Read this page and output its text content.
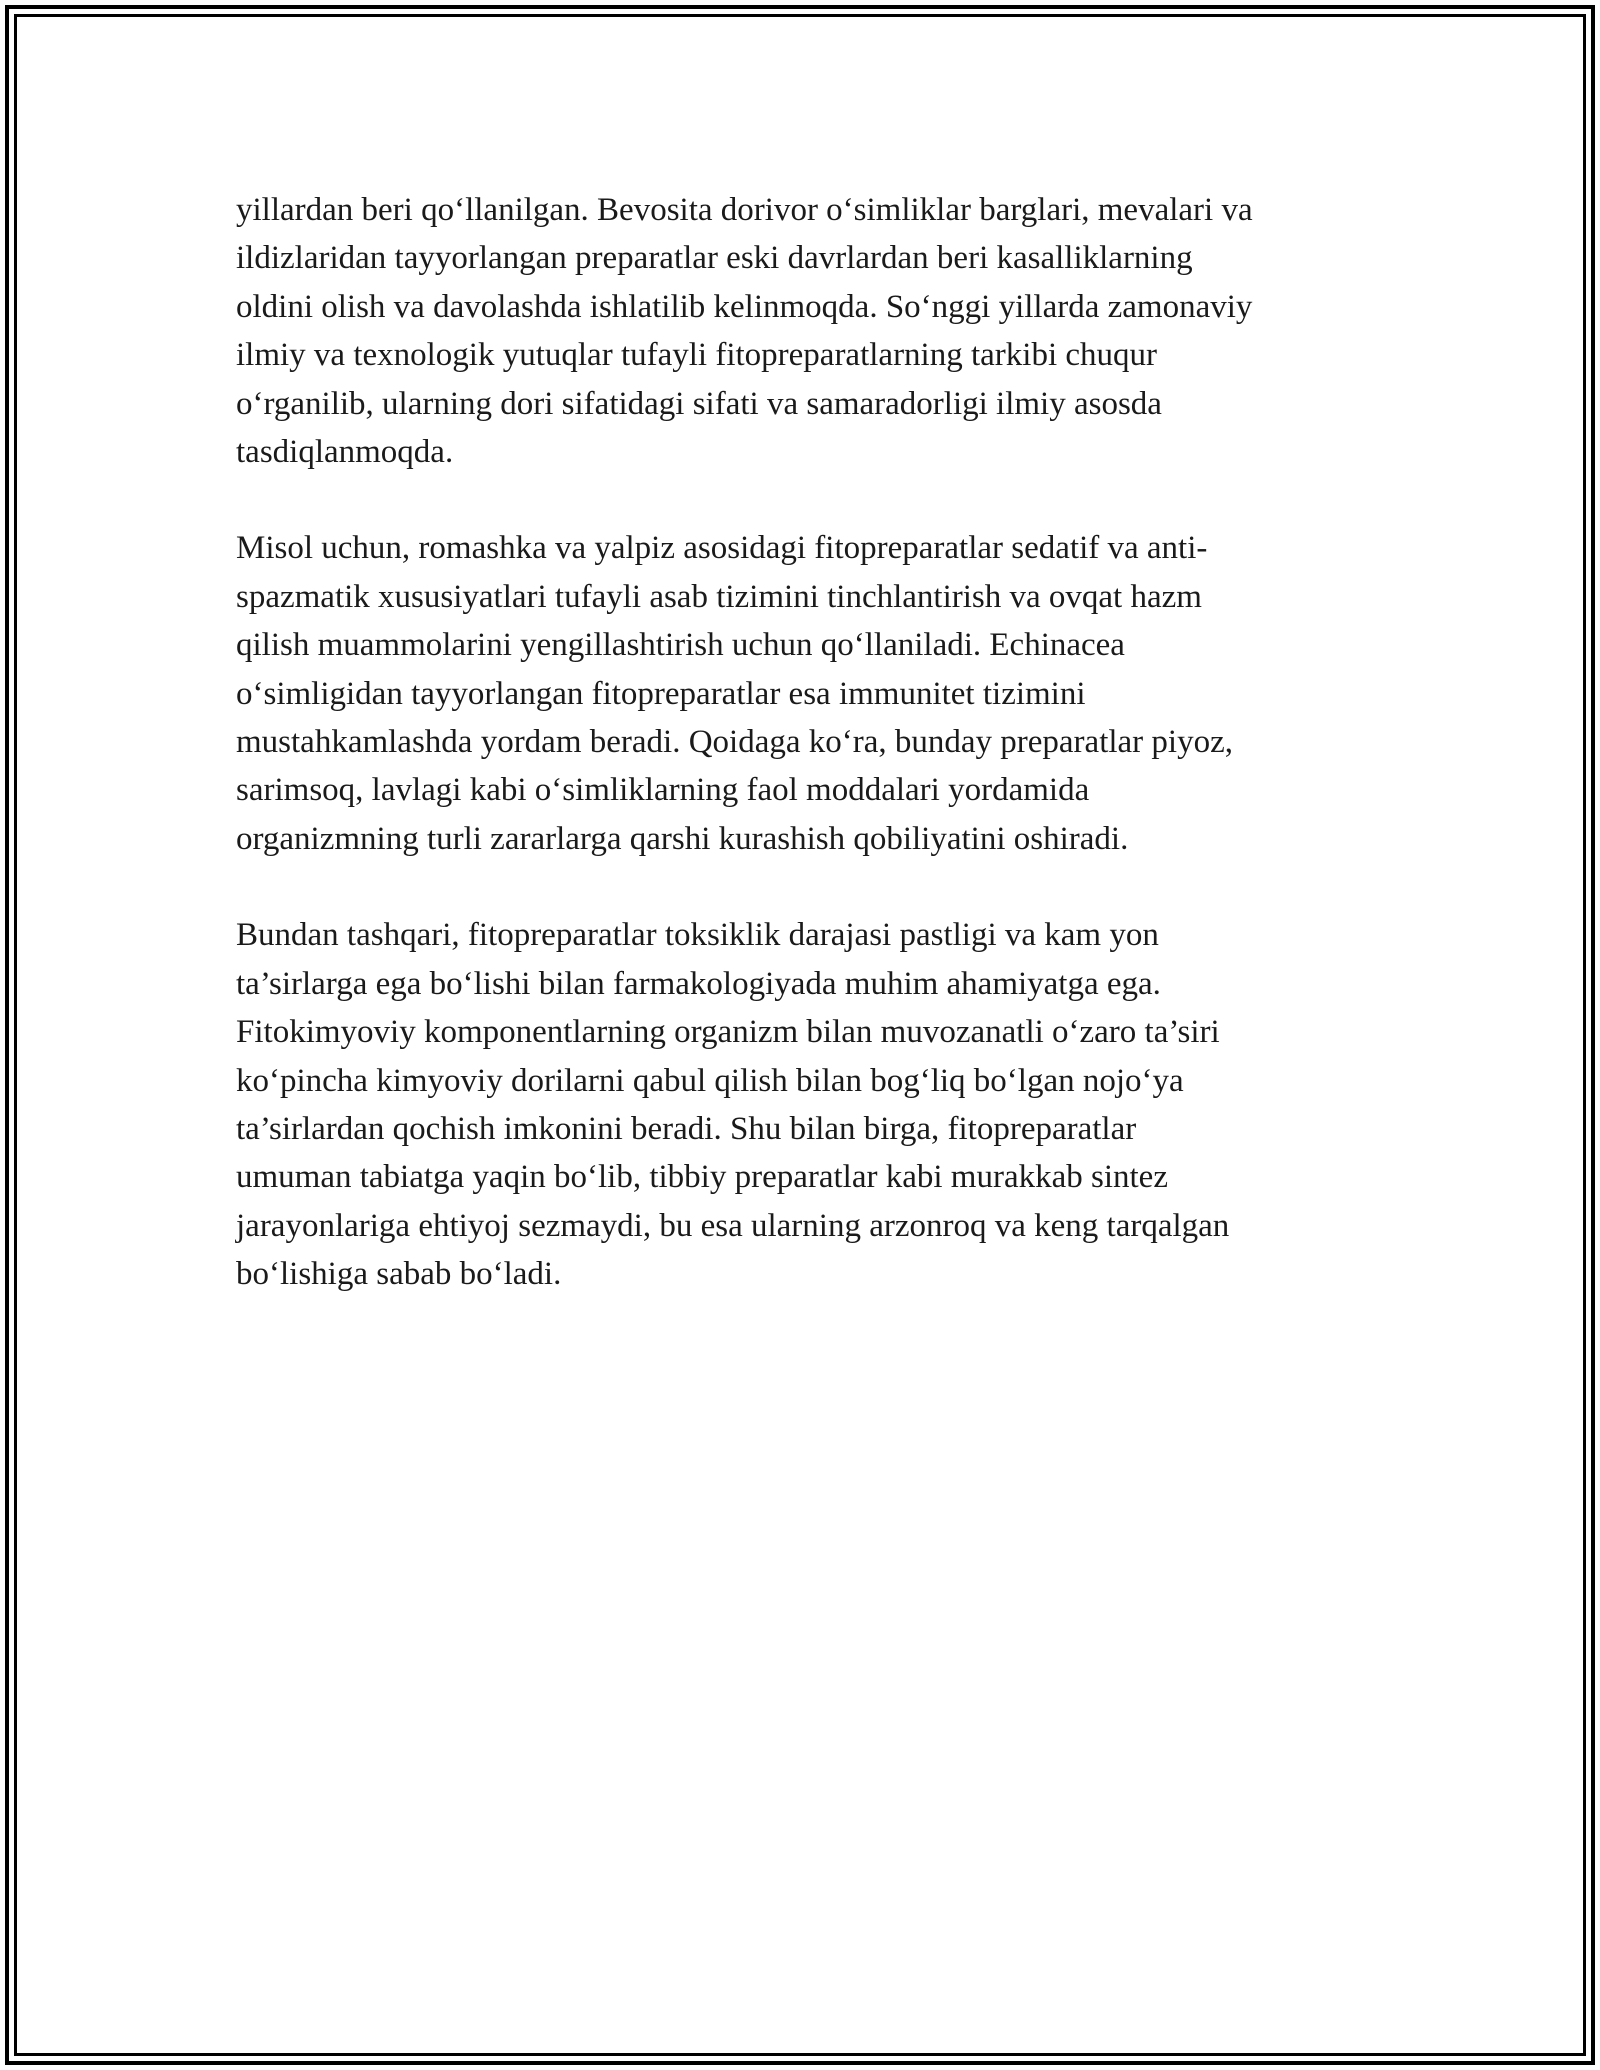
yillardan beri qo‘llanilgan. Bevosita dorivor o‘simliklar barglari, mevalari va
ildizlaridan tayyorlangan preparatlar eski davrlardan beri kasalliklarning
oldini olish va davolashda ishlatilib kelinmoqda. So‘nggi yillarda zamonaviy
ilmiy va texnologik yutuqlar tufayli fitopreparatlarning tarkibi chuqur
o‘rganilib, ularning dori sifatidagi sifati va samaradorligi ilmiy asosda
tasdiqlanmoqda.

Misol uchun, romashka va yalpiz asosidagi fitopreparatlar sedatif va anti-
spazmatik xususiyatlari tufayli asab tizimini tinchlantirish va ovqat hazm
qilish muammolarini yengillashtirish uchun qo‘llaniladi. Echinacea
o‘simligidan tayyorlangan fitopreparatlar esa immunitet tizimini
mustahkamlashda yordam beradi. Qoidaga ko‘ra, bunday preparatlar piyoz,
sarimsoq, lavlagi kabi o‘simliklarning faol moddalari yordamida
organizmning turli zararlarga qarshi kurashish qobiliyatini oshiradi.

Bundan tashqari, fitopreparatlar toksiklik darajasi pastligi va kam yon
ta’sirlarga ega bo‘lishi bilan farmakologiyada muhim ahamiyatga ega.
Fitokimyoviy komponentlarning organizm bilan muvozanatli o‘zaro ta’siri
ko‘pincha kimyoviy dorilarni qabul qilish bilan bog‘liq bo‘lgan nojo‘ya
ta’sirlardan qochish imkonini beradi. Shu bilan birga, fitopreparatlar
umuman tabiatga yaqin bo‘lib, tibbiy preparatlar kabi murakkab sintez
jarayonlariga ehtiyoj sezmaydi, bu esa ularning arzonroq va keng tarqalgan
bo‘lishiga sabab bo‘ladi.
